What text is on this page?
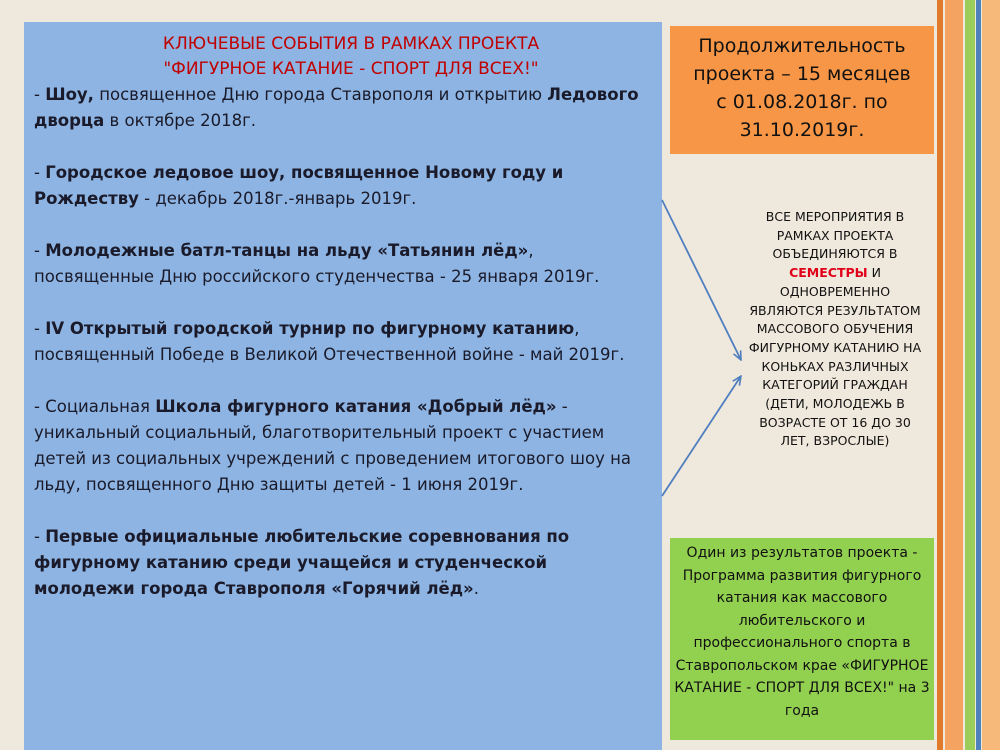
КЛЮЧЕВЫЕ СОБЫТИЯ В РАМКАХ ПРОЕКТА
"ФИГУРНОЕ КАТАНИЕ - СПОРТ ДЛЯ ВСЕХ!"

- Шоу, посвященное Дню города Ставрополя и открытию Ледового дворца в октябре 2018г.

- Городское ледовое шоу, посвященное Новому году и Рождеству - декабрь 2018г.-январь 2019г.

- Молодежные батл-танцы на льду «Татьянин лёд», посвященные Дню российского студенчества - 25 января 2019г.

- IV Открытый городской турнир по фигурному катанию, посвященный Победе в Великой Отечественной войне - май 2019г.

- Социальная Школа фигурного катания «Добрый лёд» - уникальный социальный, благотворительный проект с участием детей из социальных учреждений с проведением итогового шоу на льду, посвященного Дню защиты детей - 1 июня 2019г.

- Первые официальные любительские соревнования по фигурному катанию среди учащейся и студенческой молодежи города Ставрополя «Горячий лёд».

Продолжительность
проекта – 15 месяцев
с 01.08.2018г. по
31.10.2019г.
ВСЕ МЕРОПРИЯТИЯ В РАМКАХ ПРОЕКТА ОБЪЕДИНЯЮТСЯ В СЕМЕСТРЫ И ОДНОВРЕМЕННО ЯВЛЯЮТСЯ РЕЗУЛЬТАТОМ МАССОВОГО ОБУЧЕНИЯ ФИГУРНОМУ КАТАНИЮ НА КОНЬКАХ РАЗЛИЧНЫХ КАТЕГОРИЙ ГРАЖДАН (ДЕТИ, МОЛОДЕЖЬ В ВОЗРАСТЕ ОТ 16 ДО 30 ЛЕТ, ВЗРОСЛЫЕ)
Один из результатов проекта - Программа развития фигурного катания как массового любительского и профессионального спорта в Ставропольском крае «ФИГУРНОЕ КАТАНИЕ - СПОРТ ДЛЯ ВСЕХ!" на 3 года
